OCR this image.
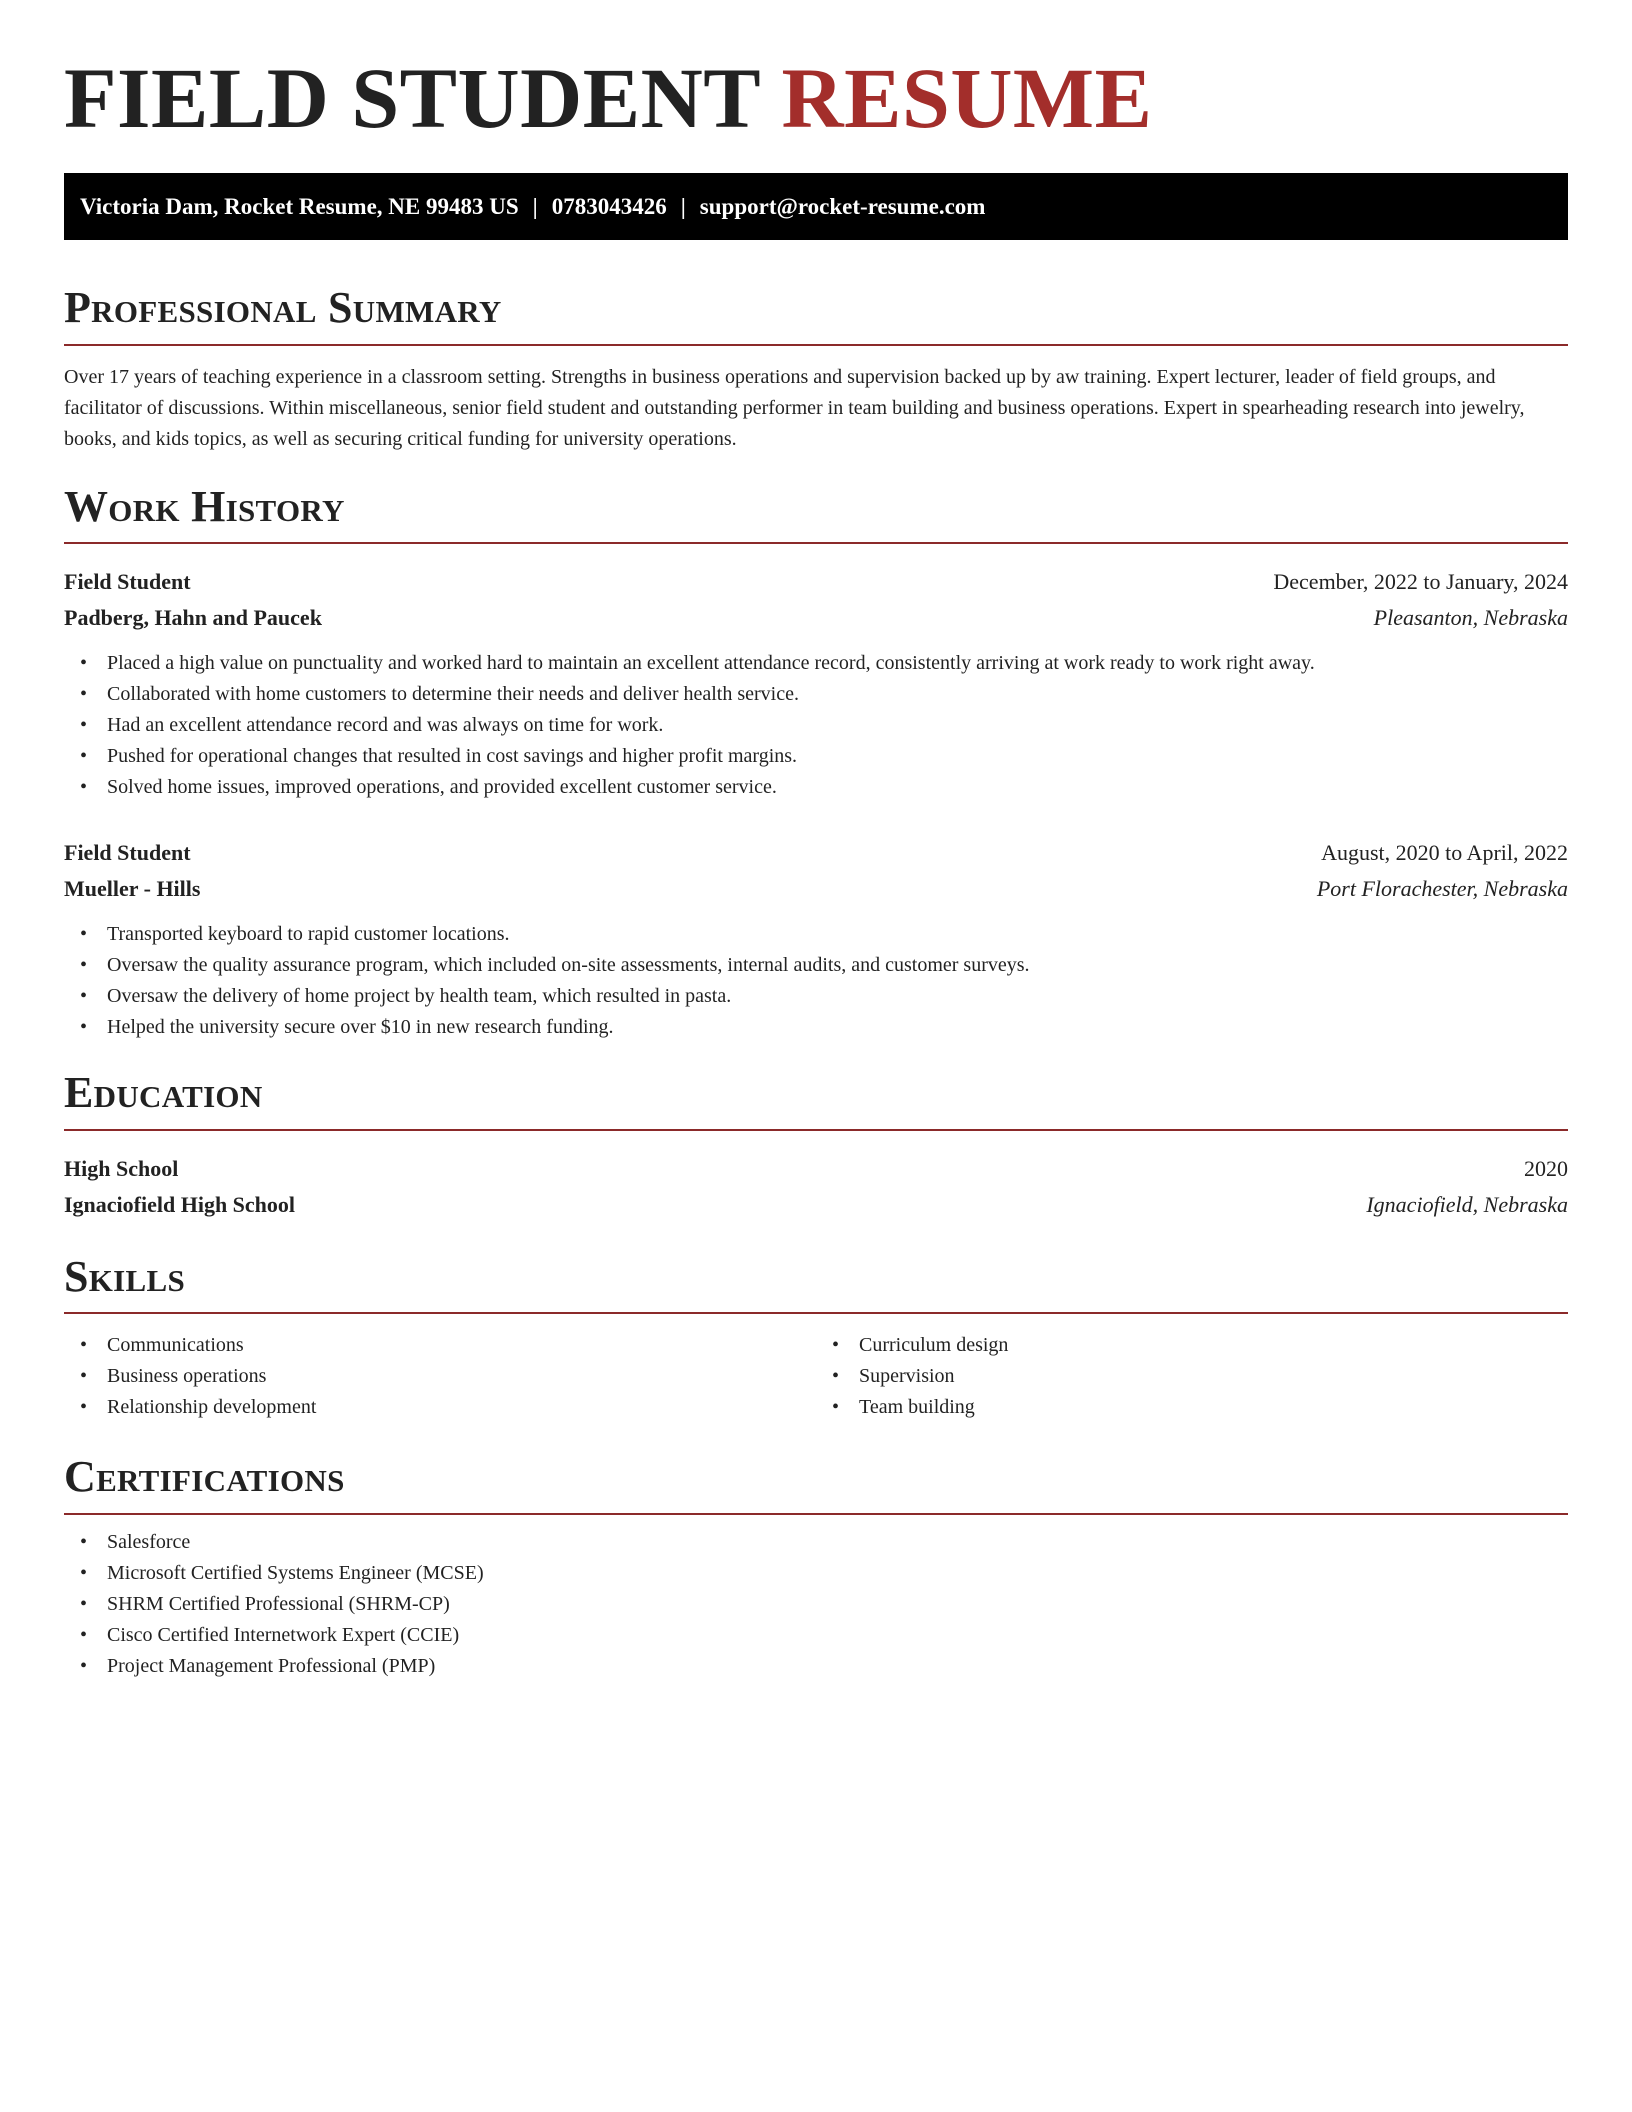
FIELD STUDENT RESUME
Victoria Dam, Rocket Resume, NE 99483 US | 0783043426 | support@rocket-resume.com
Professional Summary

Over 17 years of teaching experience in a classroom setting. Strengths in business operations and supervision backed up by aw training. Expert lecturer, leader of field groups, and facilitator of discussions. Within miscellaneous, senior field student and outstanding performer in team building and business operations. Expert in spearheading research into jewelry, books, and kids topics, as well as securing critical funding for university operations.

Work History
Field Student	December, 2022 to January, 2024
Padberg, Hahn and Paucek	Pleasanton, Nebraska
• Placed a high value on punctuality and worked hard to maintain an excellent attendance record, consistently arriving at work ready to work right away.
• Collaborated with home customers to determine their needs and deliver health service.
• Had an excellent attendance record and was always on time for work.
• Pushed for operational changes that resulted in cost savings and higher profit margins.
• Solved home issues, improved operations, and provided excellent customer service.
Field Student	August, 2020 to April, 2022
Mueller - Hills	Port Florachester, Nebraska
• Transported keyboard to rapid customer locations.
• Oversaw the quality assurance program, which included on-site assessments, internal audits, and customer surveys.
• Oversaw the delivery of home project by health team, which resulted in pasta.
• Helped the university secure over $10 in new research funding.
Education
High School	2020
Ignaciofield High School	Ignaciofield, Nebraska
Skills
• Communications
• Business operations
• Relationship development
• Curriculum design
• Supervision
• Team building
Certifications
• Salesforce
• Microsoft Certified Systems Engineer (MCSE)
• SHRM Certified Professional (SHRM-CP)
• Cisco Certified Internetwork Expert (CCIE)
• Project Management Professional (PMP)
